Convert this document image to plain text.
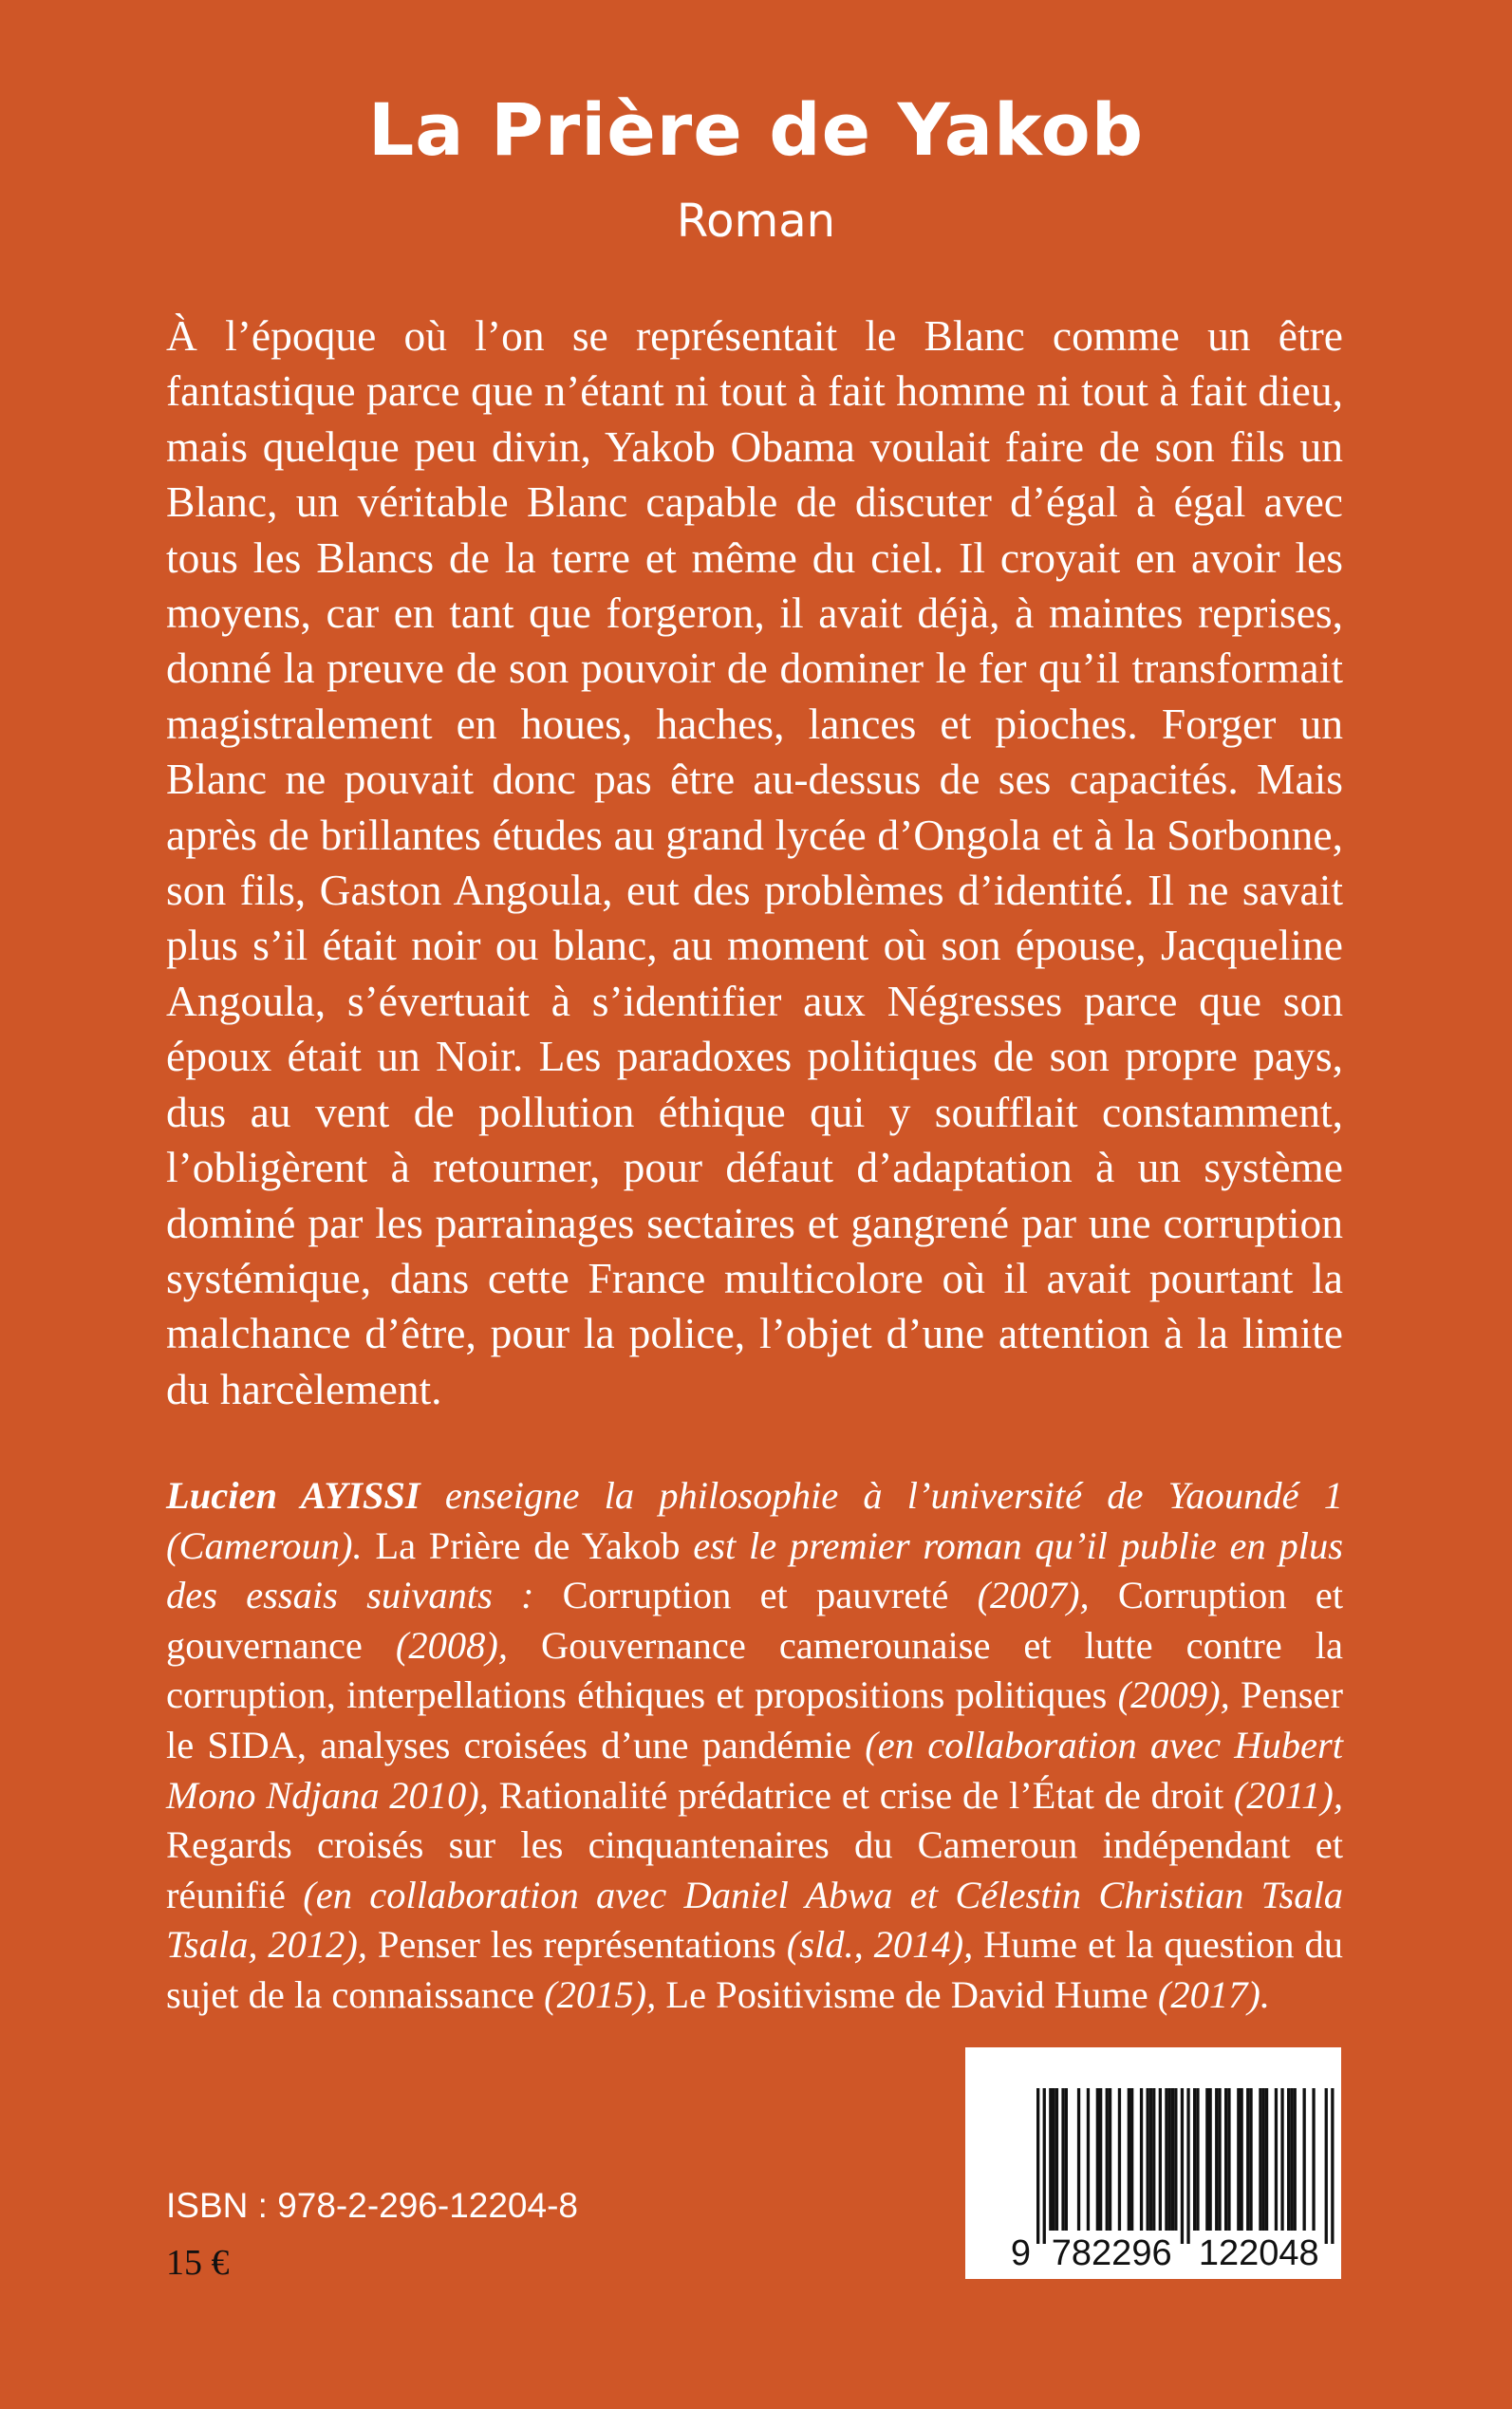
La Prière de Yakob
Roman
À l’époque où l’on se représentait le Blanc comme un être fantastique parce que n’étant ni tout à fait homme ni tout à fait dieu, mais quelque peu divin, Yakob Obama voulait faire de son fils un Blanc, un véritable Blanc capable de discuter d’égal à égal avec tous les Blancs de la terre et même du ciel. Il croyait en avoir les moyens, car en tant que forgeron, il avait déjà, à maintes reprises, donné la preuve de son pouvoir de dominer le fer qu’il transformait magistralement en houes, haches, lances et pioches. Forger un Blanc ne pouvait donc pas être au-dessus de ses capacités. Mais après de brillantes études au grand lycée d’Ongola et à la Sorbonne, son fils, Gaston Angoula, eut des problèmes d’identité. Il ne savait plus s’il était noir ou blanc, au moment où son épouse, Jacqueline Angoula, s’évertuait à s’identifier aux Négresses parce que son époux était un Noir. Les paradoxes politiques de son propre pays, dus au vent de pollution éthique qui y soufflait constamment, l’obligèrent à retourner, pour défaut d’adaptation à un système dominé par les parrainages sectaires et gangrené par une corruption systémique, dans cette France multicolore où il avait pourtant la malchance d’être, pour la police, l’objet d’une attention à la limite du harcèlement.
Lucien AYISSI enseigne la philosophie à l’université de Yaoundé 1 (Cameroun). La Prière de Yakob est le premier roman qu’il publie en plus des essais suivants : Corruption et pauvreté (2007), Corruption et gouvernance (2008), Gouvernance camerounaise et lutte contre la corruption, interpellations éthiques et propositions politiques (2009), Penser le SIDA, analyses croisées d’une pandémie (en collaboration avec Hubert Mono Ndjana 2010), Rationalité prédatrice et crise de l’État de droit (2011), Regards croisés sur les cinquantenaires du Cameroun indépendant et réunifié (en collaboration avec Daniel Abwa et Célestin Christian Tsala Tsala, 2012), Penser les représentations (sld., 2014), Hume et la question du sujet de la connaissance (2015), Le Positivisme de David Hume (2017).
ISBN : 978-2-296-12204-8
15 €	9 782296 122048
